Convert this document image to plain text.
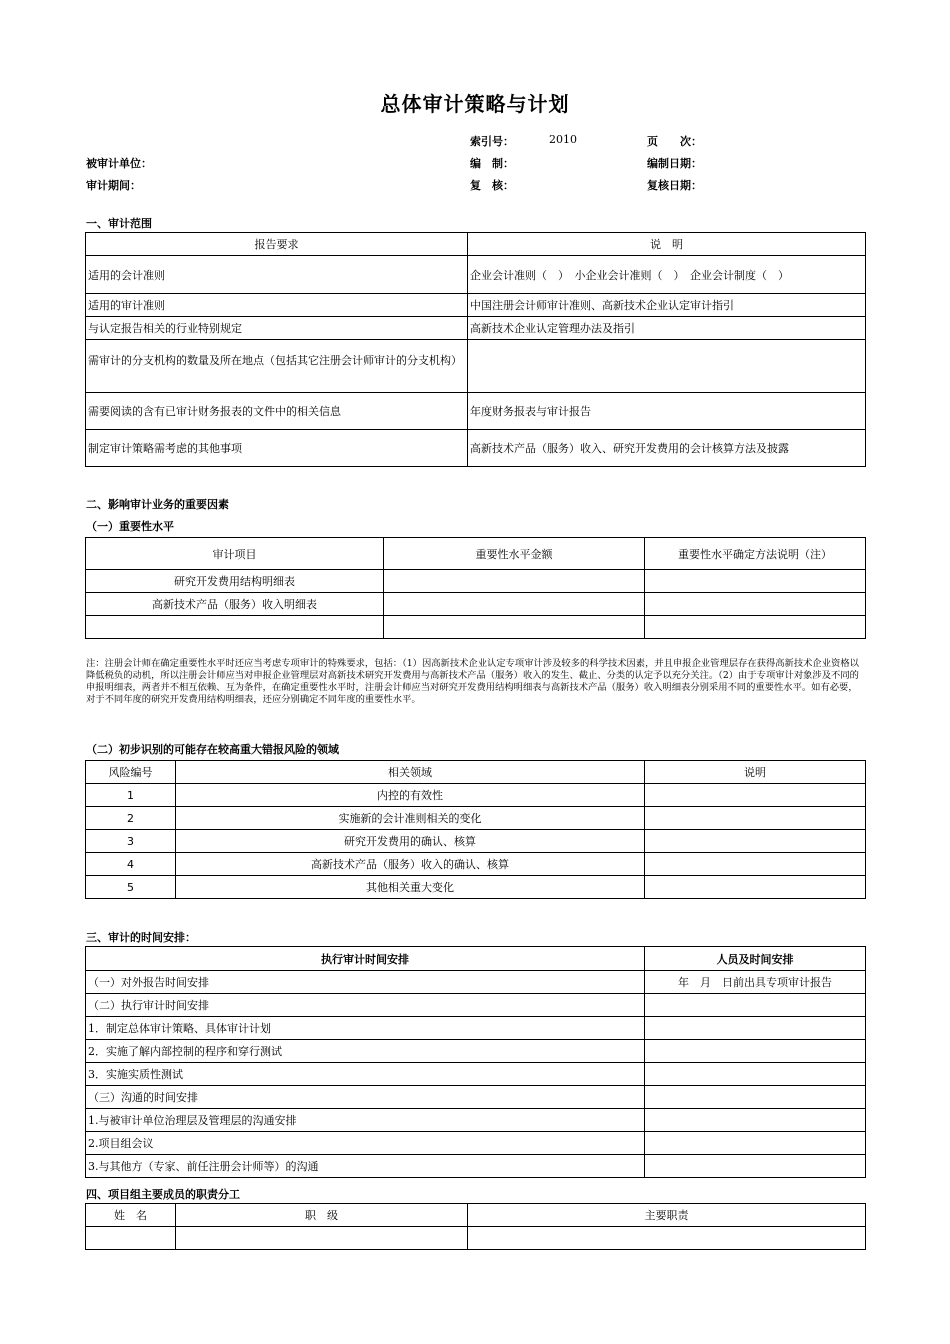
总体审计策略与计划
索引号：	2010	页　　次：
被审计单位：	编　制：	编制日期：
审计期间：	复　核：	复核日期：
一、审计范围
报告要求	说　明
适用的会计准则	企业会计准则（　）　小企业会计准则（　）　企业会计制度（　）
适用的审计准则	中国注册会计师审计准则、高新技术企业认定审计指引
与认定报告相关的行业特别规定	高新技术企业认定管理办法及指引
需审计的分支机构的数量及所在地点（包括其它注册会计师审计的分支机构）	
需要阅读的含有已审计财务报表的文件中的相关信息	年度财务报表与审计报告
制定审计策略需考虑的其他事项	高新技术产品（服务）收入、研究开发费用的会计核算方法及披露
二、影响审计业务的重要因素
（一）重要性水平
审计项目	重要性水平金额	重要性水平确定方法说明（注）
研究开发费用结构明细表		
高新技术产品（服务）收入明细表		

注：注册会计师在确定重要性水平时还应当考虑专项审计的特殊要求，包括：（1）因高新技术企业认定专项审计涉及较多的科学技术因素，并且申报企业管理层存在获得高新技术企业资格以降低税负的动机，所以注册会计师应当对申报企业管理层对高新技术研究开发费用与高新技术产品（服务）收入的发生、截止、分类的认定予以充分关注。（2）由于专项审计对象涉及不同的申报明细表，两者并不相互依赖、互为条件，在确定重要性水平时，注册会计师应当对研究开发费用结构明细表与高新技术产品（服务）收入明细表分别采用不同的重要性水平。如有必要，对于不同年度的研究开发费用结构明细表，还应分别确定不同年度的重要性水平。
（二）初步识别的可能存在较高重大错报风险的领域
风险编号	相关领域	说明
1	内控的有效性	
2	实施新的会计准则相关的变化	
3	研究开发费用的确认、核算	
4	高新技术产品（服务）收入的确认、核算	
5	其他相关重大变化	
三、审计的时间安排：
执行审计时间安排	人员及时间安排
（一）对外报告时间安排	年　月　日前出具专项审计报告
（二）执行审计时间安排	
1．制定总体审计策略、具体审计计划	
2．实施了解内部控制的程序和穿行测试	
3．实施实质性测试	
（三）沟通的时间安排	
1.与被审计单位治理层及管理层的沟通安排	
2.项目组会议	
3.与其他方（专家、前任注册会计师等）的沟通	
四、项目组主要成员的职责分工
姓　名	职　级	主要职责
